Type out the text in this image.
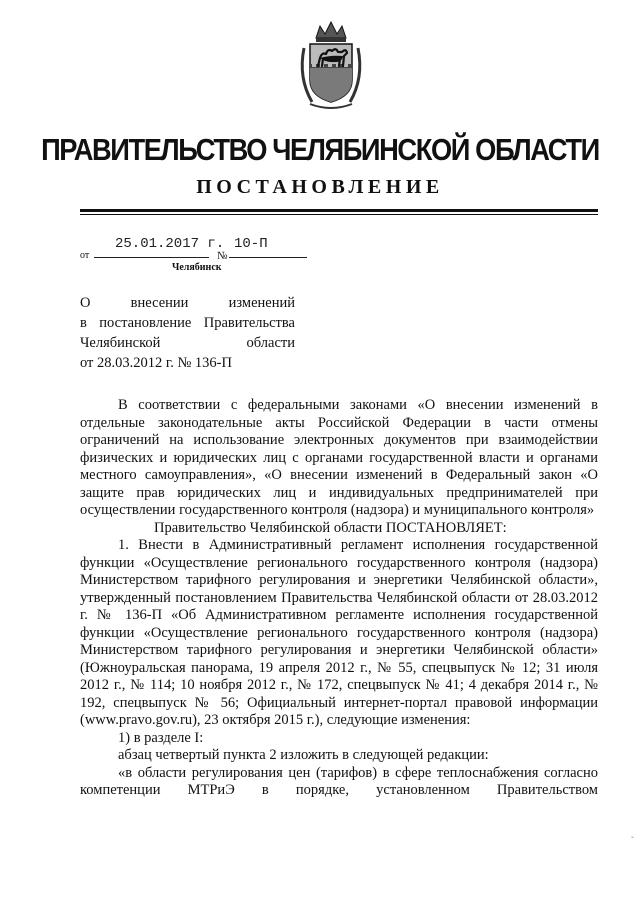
ПРАВИТЕЛЬСТВО ЧЕЛЯБИНСКОЙ ОБЛАСТИ
ПОСТАНОВЛЕНИЕ
от
25.01.2017 г.
№
10-П
Челябинск
О внесении изменений
в постановление Правительства
Челябинской области
от 28.03.2012 г. № 136-П

В соответствии с федеральными законами «О внесении изменений в отдельные законодательные акты Российской Федерации в части отмены ограничений на использование электронных документов при взаимодействии физических и юридических лиц с органами государственной власти и органами местного самоуправления», «О внесении изменений в Федеральный закон «О защите прав юридических лиц и индивидуальных предпринимателей при осуществлении государственного контроля (надзора) и муниципального контроля»

Правительство Челябинской области ПОСТАНОВЛЯЕТ:

1. Внести в Административный регламент исполнения государственной функции «Осуществление регионального государственного контроля (надзора) Министерством тарифного регулирования и энергетики Челябинской области», утвержденный постановлением Правительства Челябинской области от 28.03.2012 г. № 136-П «Об Административном регламенте исполнения государственной функции «Осуществление регионального государственного контроля (надзора) Министерством тарифного регулирования и энергетики Челябинской области» (Южноуральская панорама, 19 апреля 2012 г., № 55, спецвыпуск № 12; 31 июля 2012 г., № 114; 10 ноября 2012 г., № 172, спецвыпуск № 41; 4 декабря 2014 г., № 192, спецвыпуск № 56; Официальный интернет-портал правовой информации (www.pravo.gov.ru), 23 октября 2015 г.), следующие изменения:

1) в разделе I:

абзац четвертый пункта 2 изложить в следующей редакции:

«в области регулирования цен (тарифов) в сфере теплоснабжения согласно компетенции МТРиЭ в порядке, установленном Правительством

′
